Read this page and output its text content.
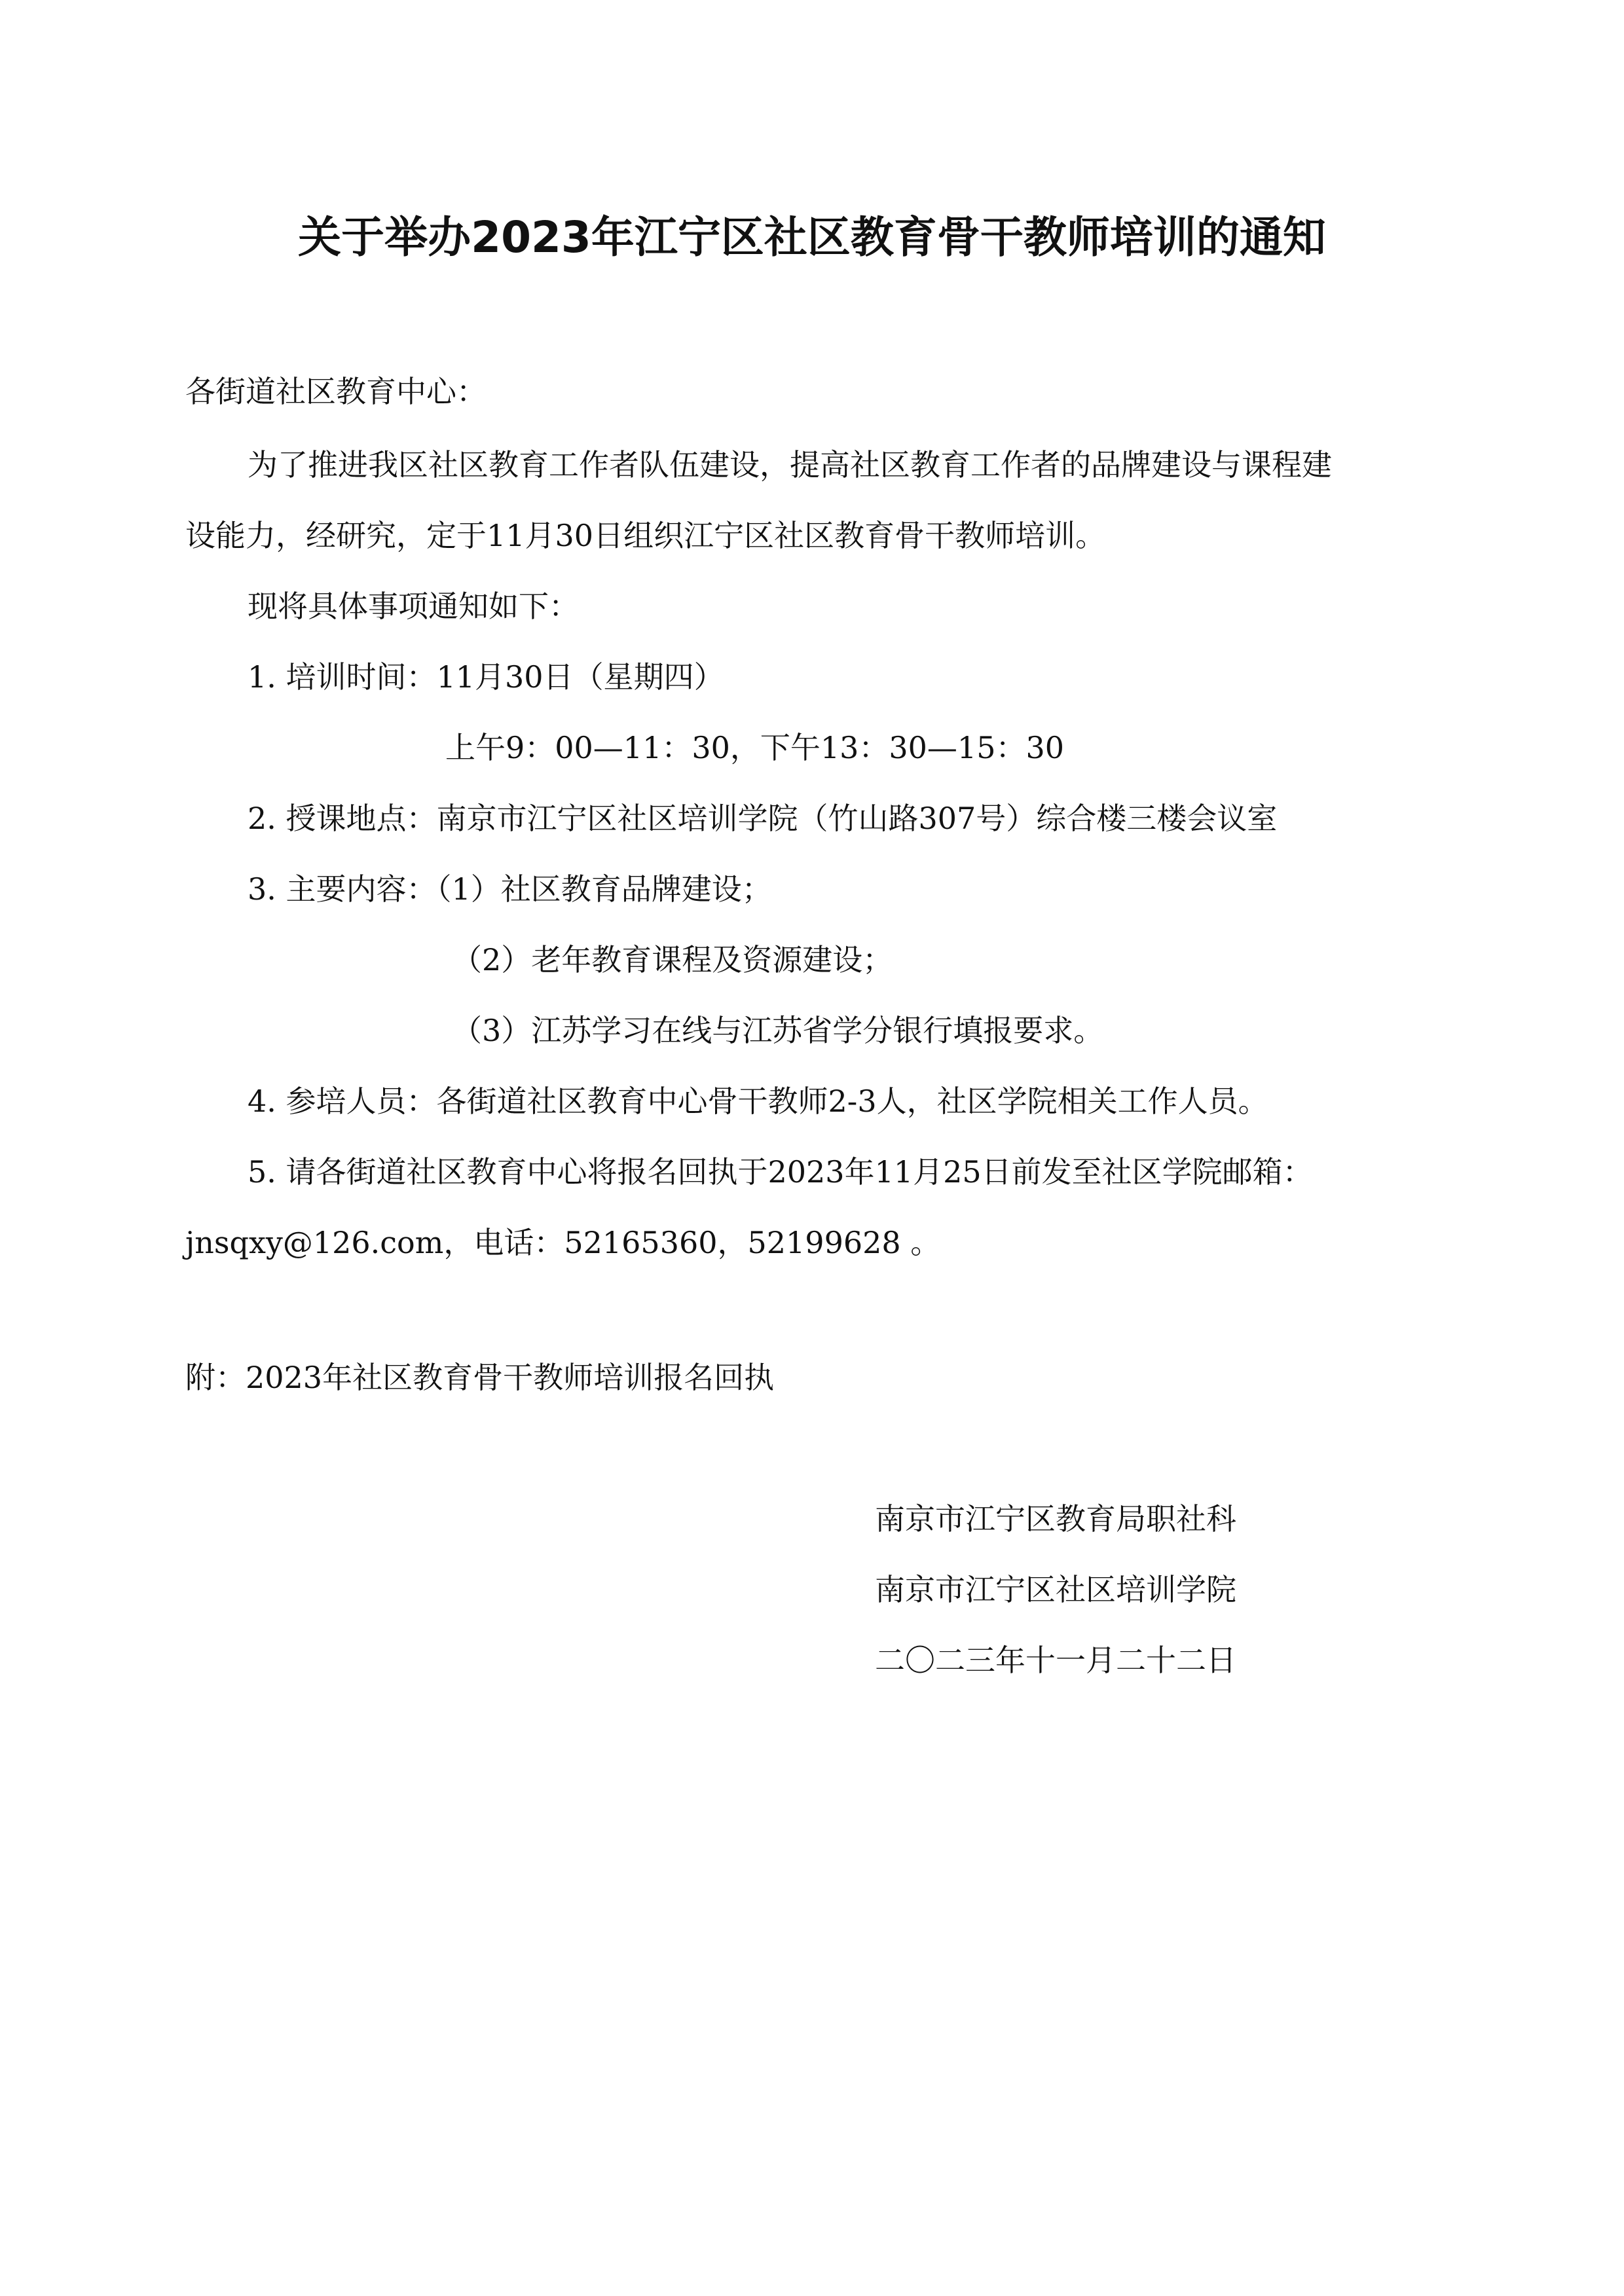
关于举办2023年江宁区社区教育骨干教师培训的通知
各街道社区教育中心：
为了推进我区社区教育工作者队伍建设，提高社区教育工作者的品牌建设与课程建
设能力，经研究，定于11月30日组织江宁区社区教育骨干教师培训。
现将具体事项通知如下：
1. 培训时间：11月30日（星期四）
上午9：00—11：30，下午13：30—15：30
2. 授课地点：南京市江宁区社区培训学院（竹山路307号）综合楼三楼会议室
3. 主要内容：（1）社区教育品牌建设；
（2）老年教育课程及资源建设；
（3）江苏学习在线与江苏省学分银行填报要求。
4. 参培人员：各街道社区教育中心骨干教师2-3人，社区学院相关工作人员。
5. 请各街道社区教育中心将报名回执于2023年11月25日前发至社区学院邮箱：
jnsqxy@126.com，电话：52165360，52199628 。
附：2023年社区教育骨干教师培训报名回执
南京市江宁区教育局职社科
南京市江宁区社区培训学院
二〇二三年十一月二十二日
